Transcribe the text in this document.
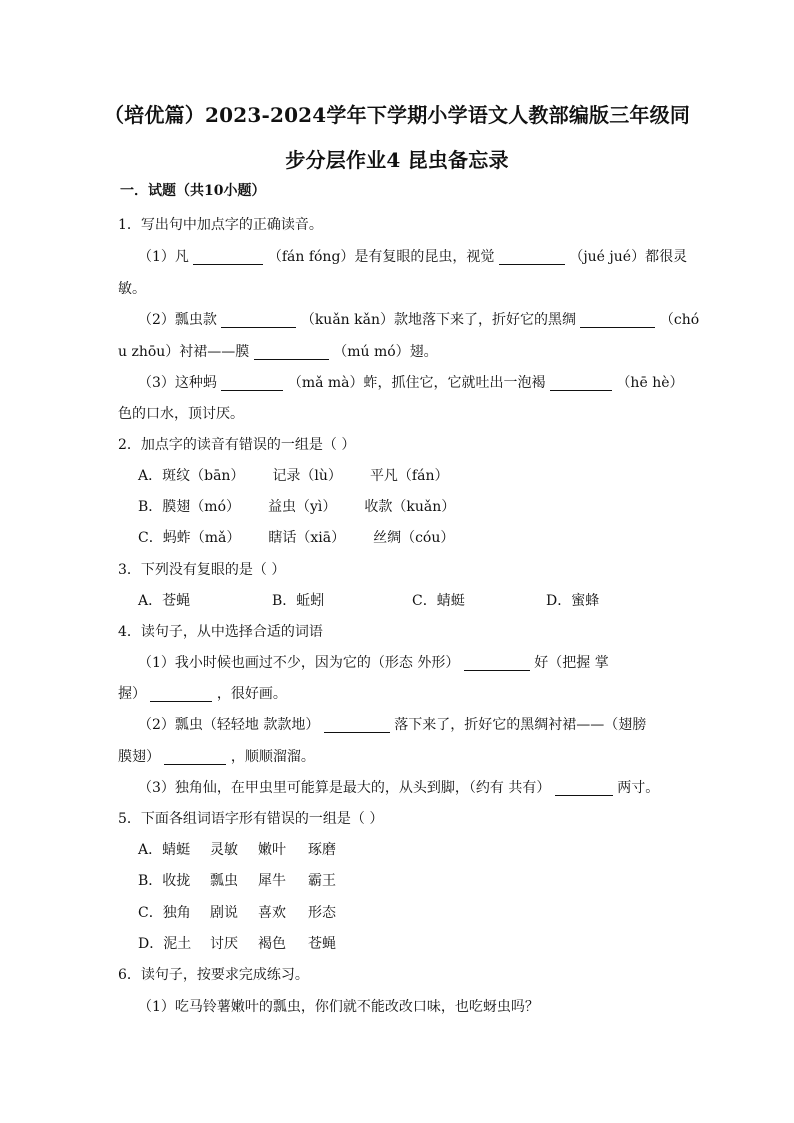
（培优篇）2023-2024学年下学期小学语文人教部编版三年级同
步分层作业4 昆虫备忘录
一．试题（共10小题）
1．写出句中加点字的正确读音。
（1）凡	（fán fóng）是有复眼的昆虫，视觉	（jué jué）都很灵
敏。
（2）瓢虫款	（kuǎn kǎn）款地落下来了，折好它的黑绸	（chó
u zhōu）衬裙——膜	（mú mó）翅。
（3）这种蚂	（mǎ mà）蚱，抓住它，它就吐出一泡褐	（hē hè）
色的口水，顶讨厌。
2．加点字的读音有错误的一组是（ ）
A．斑纹（bān） 记录（lù） 平凡（fán）
B．膜翅（mó） 益虫（yì） 收款（kuǎn）
C．蚂蚱（mǎ） 瞎话（xiā） 丝绸（cóu）
3．下列没有复眼的是（ ）
A．苍蝇	B．蚯蚓	C．蜻蜓	D．蜜蜂
4．读句子，从中选择合适的词语
（1）我小时候也画过不少，因为它的（形态 外形）	好（把握 掌
握）	，很好画。
（2）瓢虫（轻轻地 款款地）	落下来了，折好它的黑绸衬裙——（翅膀
膜翅）	，顺顺溜溜。
（3）独角仙，在甲虫里可能算是最大的，从头到脚，（约有 共有）	两寸。
5．下面各组词语字形有错误的一组是（ ）
A．蜻蜓 灵敏 嫩叶 琢磨
B．收拢 瓢虫 犀牛 霸王
C．独角 剧说 喜欢 形态
D．泥土 讨厌 褐色 苍蝇
6．读句子，按要求完成练习。
（1）吃马铃薯嫩叶的瓢虫，你们就不能改改口味，也吃蚜虫吗？
